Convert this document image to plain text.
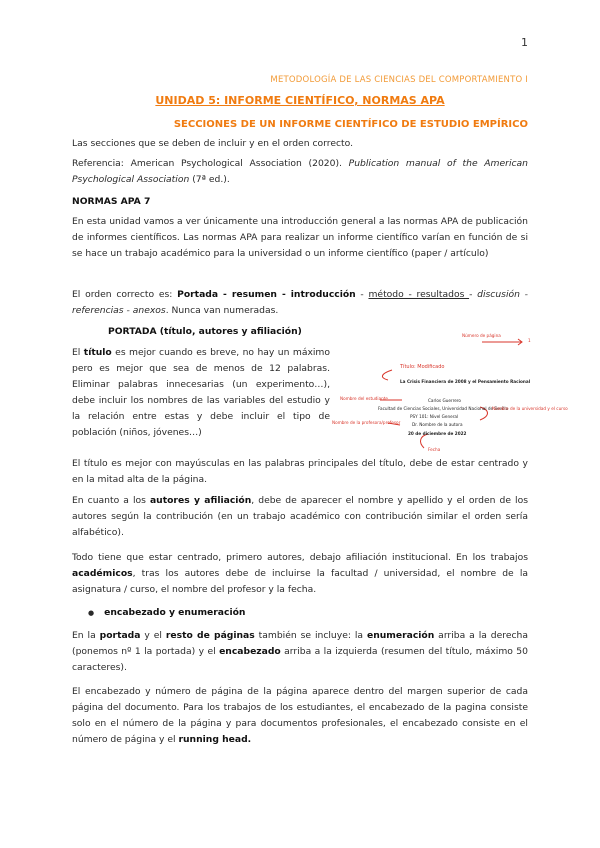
1
METODOLOGÍA DE LAS CIENCIAS DEL COMPORTAMIENTO I
UNIDAD 5: INFORME CIENTÍFICO, NORMAS APA
SECCIONES DE UN INFORME CIENTÍFICO DE ESTUDIO EMPÍRICO
Las secciones que se deben de incluir y en el orden correcto.
Referencia: American Psychological Association (2020). Publication manual of the American Psychological Association (7ª ed.).
NORMAS APA 7
En esta unidad vamos a ver únicamente una introducción general a las normas APA de publicación de informes científicos. Las normas APA para realizar un informe científico varían en función de si se hace un trabajo académico para la universidad o un informe científico (paper / artículo)
El orden correcto es: Portada - resumen - introducción - método - resultados - discusión - referencias - anexos. Nunca van numeradas.
PORTADA (título, autores y afiliación)
El título es mejor cuando es breve, no hay un máximo pero es mejor que sea de menos de 12 palabras. Eliminar palabras innecesarias (un experimento…), debe incluir los nombres de las variables del estudio y la relación entre estas y debe incluir el tipo de población (niños, jóvenes…)
El título es mejor con mayúsculas en las palabras principales del título, debe de estar centrado y en la mitad alta de la página.
En cuanto a los autores y afiliación, debe de aparecer el nombre y apellido y el orden de los autores según la contribución (en un trabajo académico con contribución similar el orden sería alfabético).
Todo tiene que estar centrado, primero autores, debajo afiliación institucional. En los trabajos académicos, tras los autores debe de incluirse la facultad / universidad, el nombre de la asignatura / curso, el nombre del profesor y la fecha.
● encabezado y enumeración
En la portada y el resto de páginas también se incluye: la enumeración arriba a la derecha (ponemos nº 1 la portada) y el encabezado arriba a la izquierda (resumen del título, máximo 50 caracteres).
El encabezado y número de página de la página aparece dentro del margen superior de cada página del documento. Para los trabajos de los estudiantes, el encabezado de la pagina consiste solo en el número de la página y para documentos profesionales, el encabezado consiste en el número de página y el running head.
Número de página
1
Título: Modificado
La Crisis Financiera de 2008 y el Pensamiento Racional
Nombre del estudiante	Carlos Guerrero
Facultad de Ciencias Sociales, Universidad Nacional de Sevilla
Nombre de la universidad y el curso
PSY 101: Nivel General
Nombre de la profesora/profesor	Dr. Nombre de la autora
20 de diciembre de 2022
Fecha
